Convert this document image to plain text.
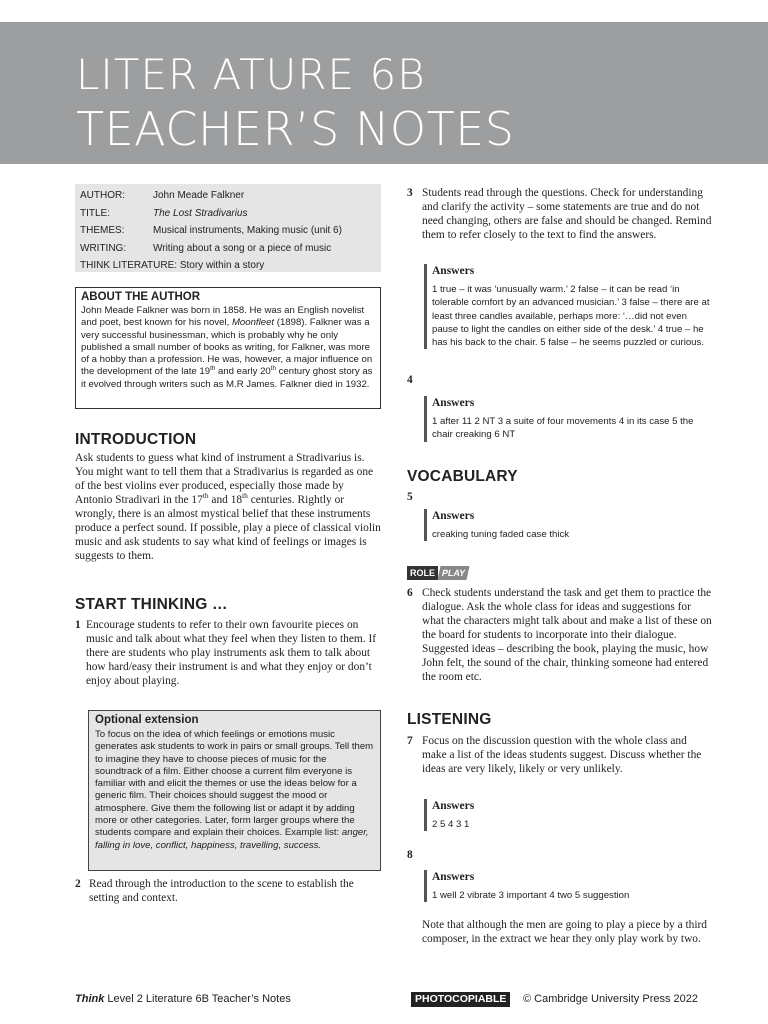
LITER ATURE 6B
TEACHER’S NOTES
AUTHOR:	John Meade Falkner
TITLE:	The Lost Stradivarius
THEMES:	Musical instruments, Making music (unit 6)
WRITING:	Writing about a song or a piece of music
THINK LITERATURE: Story within a story
ABOUT THE AUTHOR

John Meade Falkner was born in 1858. He was an English novelist and poet, best known for his novel, Moonfleet (1898). Falkner was a very successful businessman, which is probably why he only published a small number of books as writing, for Falkner, was more of a hobby than a profession. He was, however, a major influence on the development of the late 19th and early 20th century ghost story as it evolved through writers such as M.R James. Falkner died in 1932.

INTRODUCTION
Ask students to guess what kind of instrument a Stradivarius is. You might want to tell them that a Stradivarius is regarded as one of the best violins ever produced, especially those made by Antonio Stradivari in the 17th and 18th centuries. Rightly or wrongly, there is an almost mystical belief that these instruments produce a perfect sound. If possible, play a piece of classical violin music and ask students to say what kind of feelings or images is suggests to them.
START THINKING …
1 Encourage students to refer to their own favourite pieces on music and talk about what they feel when they listen to them. If there are students who play instruments ask them to talk about how hard/easy their instrument is and what they enjoy or don’t enjoy about playing.
Optional extension

To focus on the idea of which feelings or emotions music generates ask students to work in pairs or small groups. Tell them to imagine they have to choose pieces of music for the soundtrack of a film. Either choose a current film everyone is familiar with and elicit the themes or use the ideas below for a generic film. Their choices should suggest the mood or atmosphere. Give them the following list or adapt it by adding more or other categories. Later, form larger groups where the students compare and explain their choices. Example list: anger, falling in love, conflict, happiness, travelling, success.

2 Read through the introduction to the scene to establish the setting and context.
3 Students read through the questions. Check for understanding and clarify the activity – some statements are true and do not need changing, others are false and should be changed. Remind them to refer closely to the text to find the answers.
Answers
1 true – it was ‘unusually warm.’ 2 false – it can be read ‘in tolerable comfort by an advanced musician.’ 3 false – there are at least three candles available, perhaps more: ‘…did not even pause to light the candles on either side of the desk.’ 4 true – he has his back to the chair. 5 false – he seems puzzled or curious.
4
Answers
1 after 11 2 NT 3 a suite of four movements 4 in its case 5 the chair creaking 6 NT
VOCABULARY
5
Answers
creaking tuning faded case thick
ROLE PLAY
6 Check students understand the task and get them to practice the dialogue. Ask the whole class for ideas and suggestions for what the characters might talk about and make a list of these on the board for students to incorporate into their dialogue. Suggested ideas – describing the book, playing the music, how John felt, the sound of the chair, thinking someone had entered the room etc.
LISTENING
7 Focus on the discussion question with the whole class and make a list of the ideas students suggest. Discuss whether the ideas are very likely, likely or very unlikely.
Answers
2 5 4 3 1
8
Answers
1 well 2 vibrate 3 important 4 two 5 suggestion
Note that although the men are going to play a piece by a third composer, in the extract we hear they only play work by two.
Think Level 2 Literature 6B Teacher’s Notes	PHOTOCOPIABLE	© Cambridge University Press 2022
